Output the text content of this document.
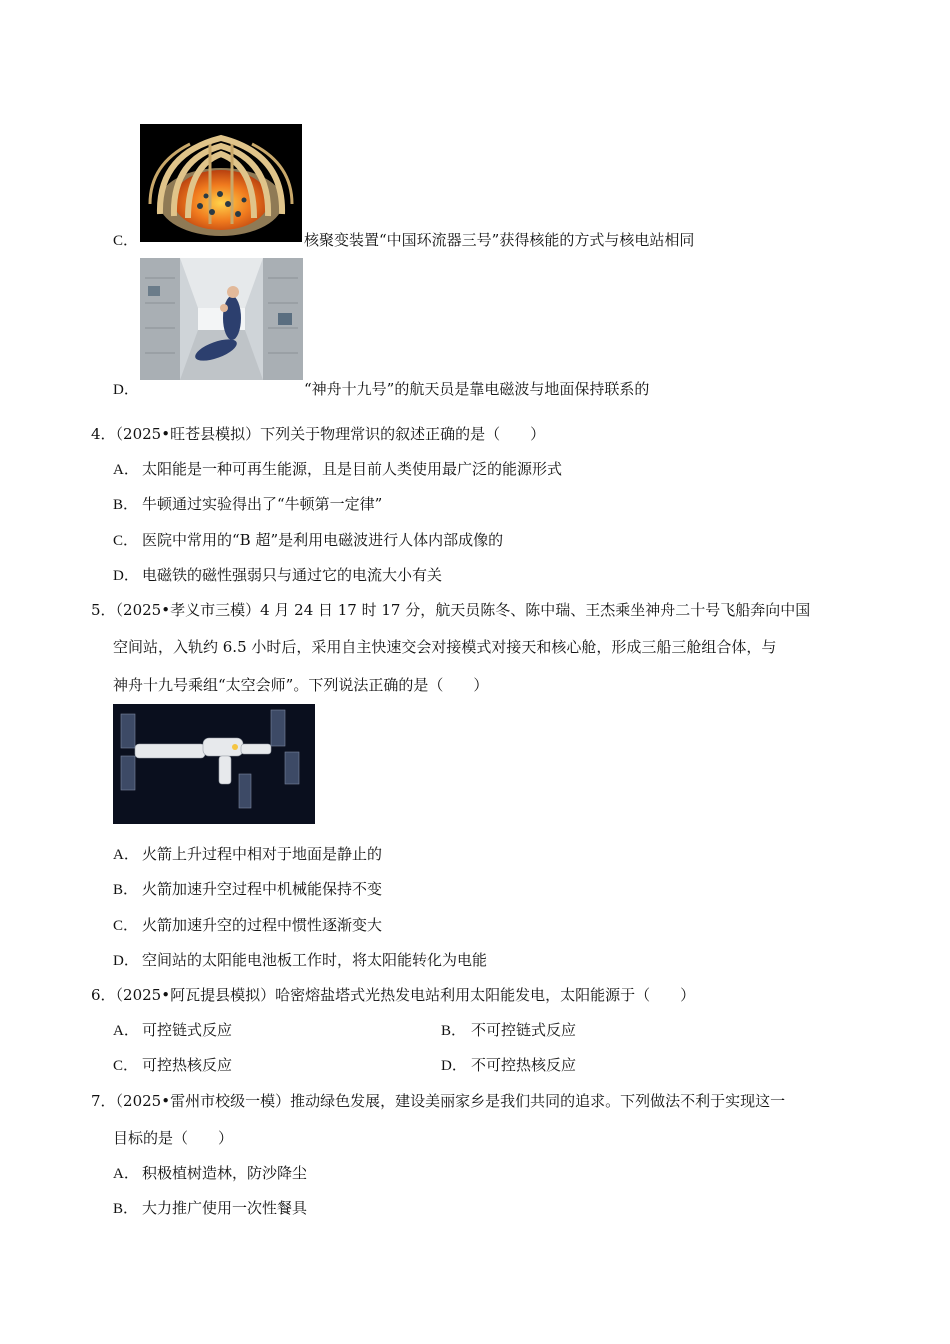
C．	核聚变装置“中国环流器三号”获得核能的方式与核电站相同
D．	“神舟十九号”的航天员是靠电磁波与地面保持联系的
4．（2025•旺苍县模拟）下列关于物理常识的叙述正确的是（　　）
A． 太阳能是一种可再生能源，且是目前人类使用最广泛的能源形式
B． 牛顿通过实验得出了“牛顿第一定律”
C． 医院中常用的“B 超”是利用电磁波进行人体内部成像的
D． 电磁铁的磁性强弱只与通过它的电流大小有关
5．（2025•孝义市三模）4 月 24 日 17 时 17 分，航天员陈冬、陈中瑞、王杰乘坐神舟二十号飞船奔向中国
空间站，入轨约 6.5 小时后，采用自主快速交会对接模式对接天和核心舱，形成三船三舱组合体，与
神舟十九号乘组“太空会师”。下列说法正确的是（　　）
A． 火箭上升过程中相对于地面是静止的
B． 火箭加速升空过程中机械能保持不变
C． 火箭加速升空的过程中惯性逐渐变大
D． 空间站的太阳能电池板工作时，将太阳能转化为电能
6．（2025•阿瓦提县模拟）哈密熔盐塔式光热发电站利用太阳能发电，太阳能源于（　　）
A． 可控链式反应	B． 不可控链式反应
C． 可控热核反应	D． 不可控热核反应
7．（2025•雷州市校级一模）推动绿色发展，建设美丽家乡是我们共同的追求。下列做法不利于实现这一
目标的是（　　）
A． 积极植树造林，防沙降尘
B． 大力推广使用一次性餐具
